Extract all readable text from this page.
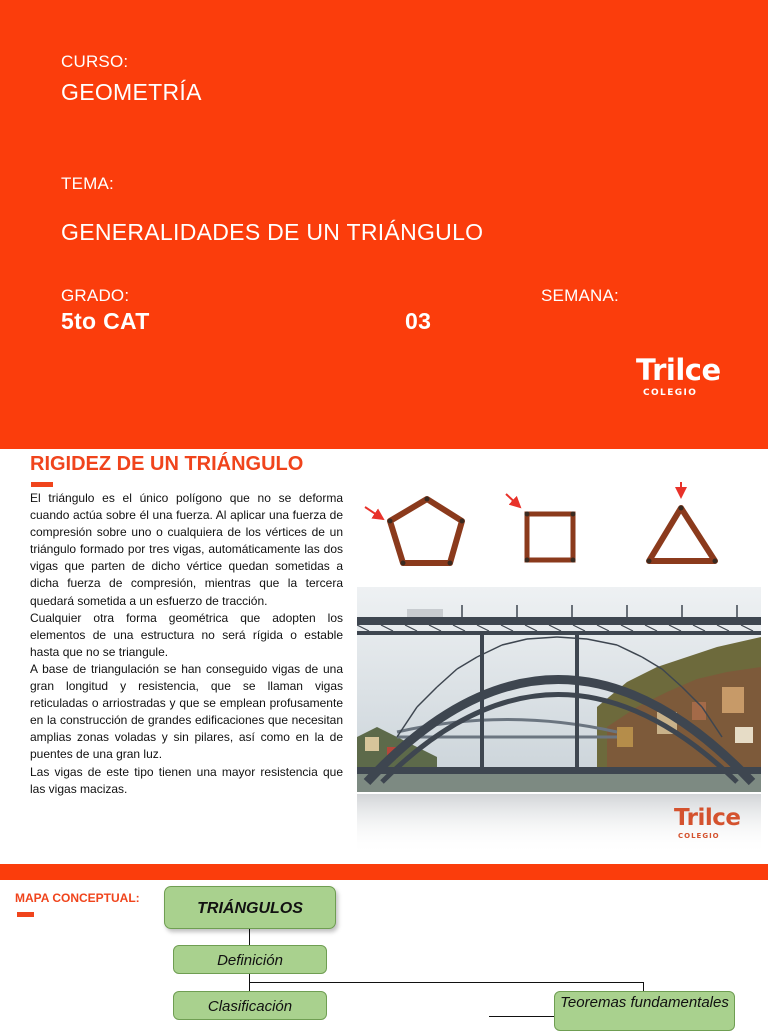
CURSO:
GEOMETRÍA
TEMA:
GENERALIDADES DE UN TRIÁNGULO
GRADO:
5to CAT
SEMANA:
03
Trilce
COLEGIO
RIGIDEZ DE UN TRIÁNGULO

El triángulo es el único polígono que no se deforma cuando actúa sobre él una fuerza. Al aplicar una fuerza de compresión sobre uno o cualquiera de los vértices de un triángulo formado por tres vigas, automáticamente las dos vigas que parten de dicho vértice quedan sometidas a dicha fuerza de compresión, mientras que la tercera quedará sometida a un esfuerzo de tracción.

Cualquier otra forma geométrica que adopten los elementos de una estructura no será rígida o estable hasta que no se triangule.

A base de triangulación se han conseguido vigas de una gran longitud y resistencia, que se llaman vigas reticuladas o arriostradas y que se emplean profusamente en la construcción de grandes edificaciones que necesitan amplias zonas voladas y sin pilares, así como en la de puentes de una gran luz.

Las vigas de este tipo tienen una mayor resistencia que las vigas macizas.

Trilce
COLEGIO
MAPA CONCEPTUAL:
TRIÁNGULOS
Definición
Clasificación	Teoremas fundamentales
